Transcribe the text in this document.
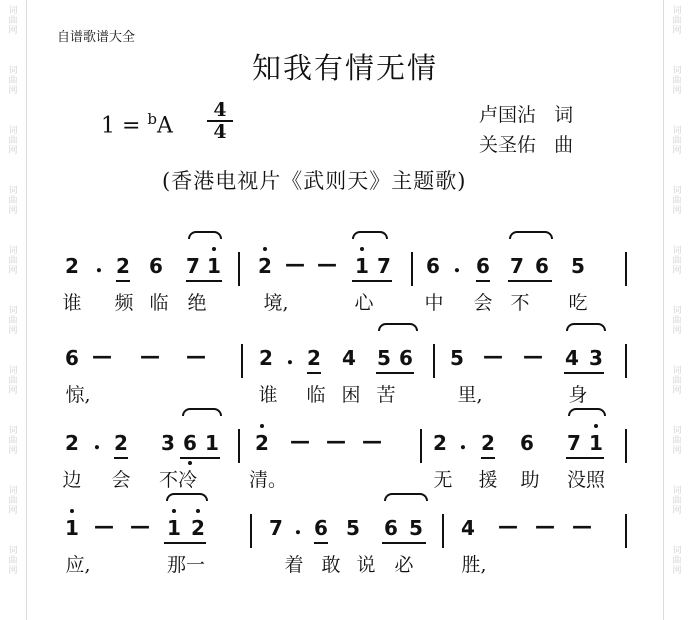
词
曲
网
词
曲
网
词
曲
网
词
曲
网
词
曲
网
词
曲
网
词
曲
网
词
曲
网
词
曲
网
词
曲
网
词
曲
网
词
曲
网
词
曲
网
词
曲
网
词
曲
网
词
曲
网
词
曲
网
词
曲
网
词
曲
网
词
曲
网
自谱歌谱大全
知我有情无情
1 = $^b$A
4
4
卢国沾 词
关圣佑 曲
(香港电视片《武则天》主题歌)
2 . 2 6 7 1 2 — — 1 7 6 . 6 7 6 5
谁 频 临 绝	境,	心	中 会 不 吃
6 — — —	2 . 2 4 5 6 5 — — 4 3
惊,	谁 临 困 苦	里,	身
2 . 2 3 6 1 2 — — —	2 . 2 6 7 1
边 会 不冷	清。	无 援 助 没照
1 — — 1 2	7 . 6 5 6 5 4 — — —
应,	那一	着 敢 说 必	胜,
